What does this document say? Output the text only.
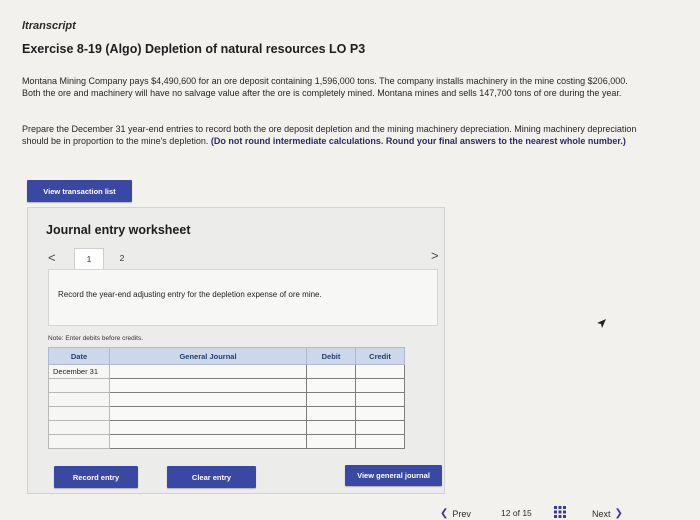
ltranscript
Exercise 8-19 (Algo) Depletion of natural resources LO P3
Montana Mining Company pays $4,490,600 for an ore deposit containing 1,596,000 tons. The company installs machinery in the mine costing $206,000. Both the ore and machinery will have no salvage value after the ore is completely mined. Montana mines and sells 147,700 tons of ore during the year.
Prepare the December 31 year-end entries to record both the ore deposit depletion and the mining machinery depreciation. Mining machinery depreciation should be in proportion to the mine's depletion. (Do not round intermediate calculations. Round your final answers to the nearest whole number.)
View transaction list
Journal entry worksheet
<	1	2	>
Record the year-end adjusting entry for the depletion expense of ore mine.
Note: Enter debits before credits.
Date	General Journal	Debit	Credit
December 31			

Record entry	Clear entry	View general journal
❮ Prev	12 of 15	Next ❯
